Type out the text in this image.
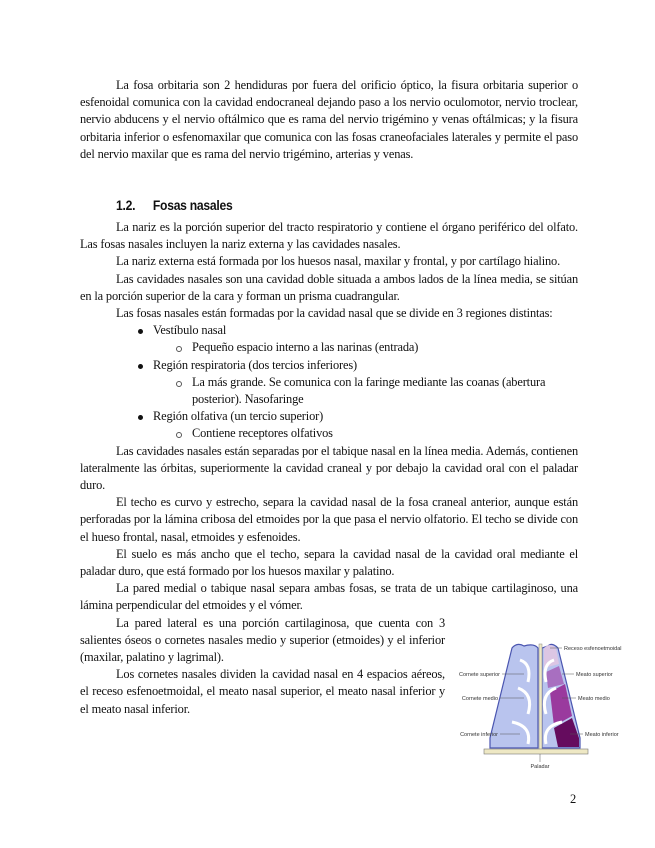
La fosa orbitaria son 2 hendiduras por fuera del orificio óptico, la fisura orbitaria superior o esfenoidal comunica con la cavidad endocraneal dejando paso a los nervio oculomotor, nervio troclear, nervio abducens y el nervio oftálmico que es rama del nervio trigémino y venas oftálmicas; y la fisura orbitaria inferior o esfenomaxilar que comunica con las fosas craneofaciales laterales y permite el paso del nervio maxilar que es rama del nervio trigémino, arterias y venas.

1.2. Fosas nasales

La nariz es la porción superior del tracto respiratorio y contiene el órgano periférico del olfato. Las fosas nasales incluyen la nariz externa y las cavidades nasales.

La nariz externa está formada por los huesos nasal, maxilar y frontal, y por cartílago hialino.

Las cavidades nasales son una cavidad doble situada a ambos lados de la línea media, se sitúan en la porción superior de la cara y forman un prisma cuadrangular.

Las fosas nasales están formadas por la cavidad nasal que se divide en 3 regiones distintas:

Vestíbulo nasal
Pequeño espacio interno a las narinas (entrada)
Región respiratoria (dos tercios inferiores)
La más grande. Se comunica con la faringe mediante las coanas (abertura posterior). Nasofaringe
Región olfativa (un tercio superior)
Contiene receptores olfativos

Las cavidades nasales están separadas por el tabique nasal en la línea media. Además, contienen lateralmente las órbitas, superiormente la cavidad craneal y por debajo la cavidad oral con el paladar duro.

El techo es curvo y estrecho, separa la cavidad nasal de la fosa craneal anterior, aunque están perforadas por la lámina cribosa del etmoides por la que pasa el nervio olfatorio. El techo se divide con el hueso frontal, nasal, etmoides y esfenoides.

El suelo es más ancho que el techo, separa la cavidad nasal de la cavidad oral mediante el paladar duro, que está formado por los huesos maxilar y palatino.

La pared medial o tabique nasal separa ambas fosas, se trata de un tabique cartilaginoso, una lámina perpendicular del etmoides y el vómer.

La pared lateral es una porción cartilaginosa, que cuenta con 3 salientes óseos o cornetes nasales medio y superior (etmoides) y el inferior (maxilar, palatino y lagrimal).

Los cornetes nasales dividen la cavidad nasal en 4 espacios aéreos, el receso esfenoetmoidal, el meato nasal superior, el meato nasal inferior y el meato nasal inferior.

Receso esfenoetmoidal
Meato superior
Meato medio
Meato inferior
Cornete superior
Cornete medio
Cornete inferior
Paladar
2
